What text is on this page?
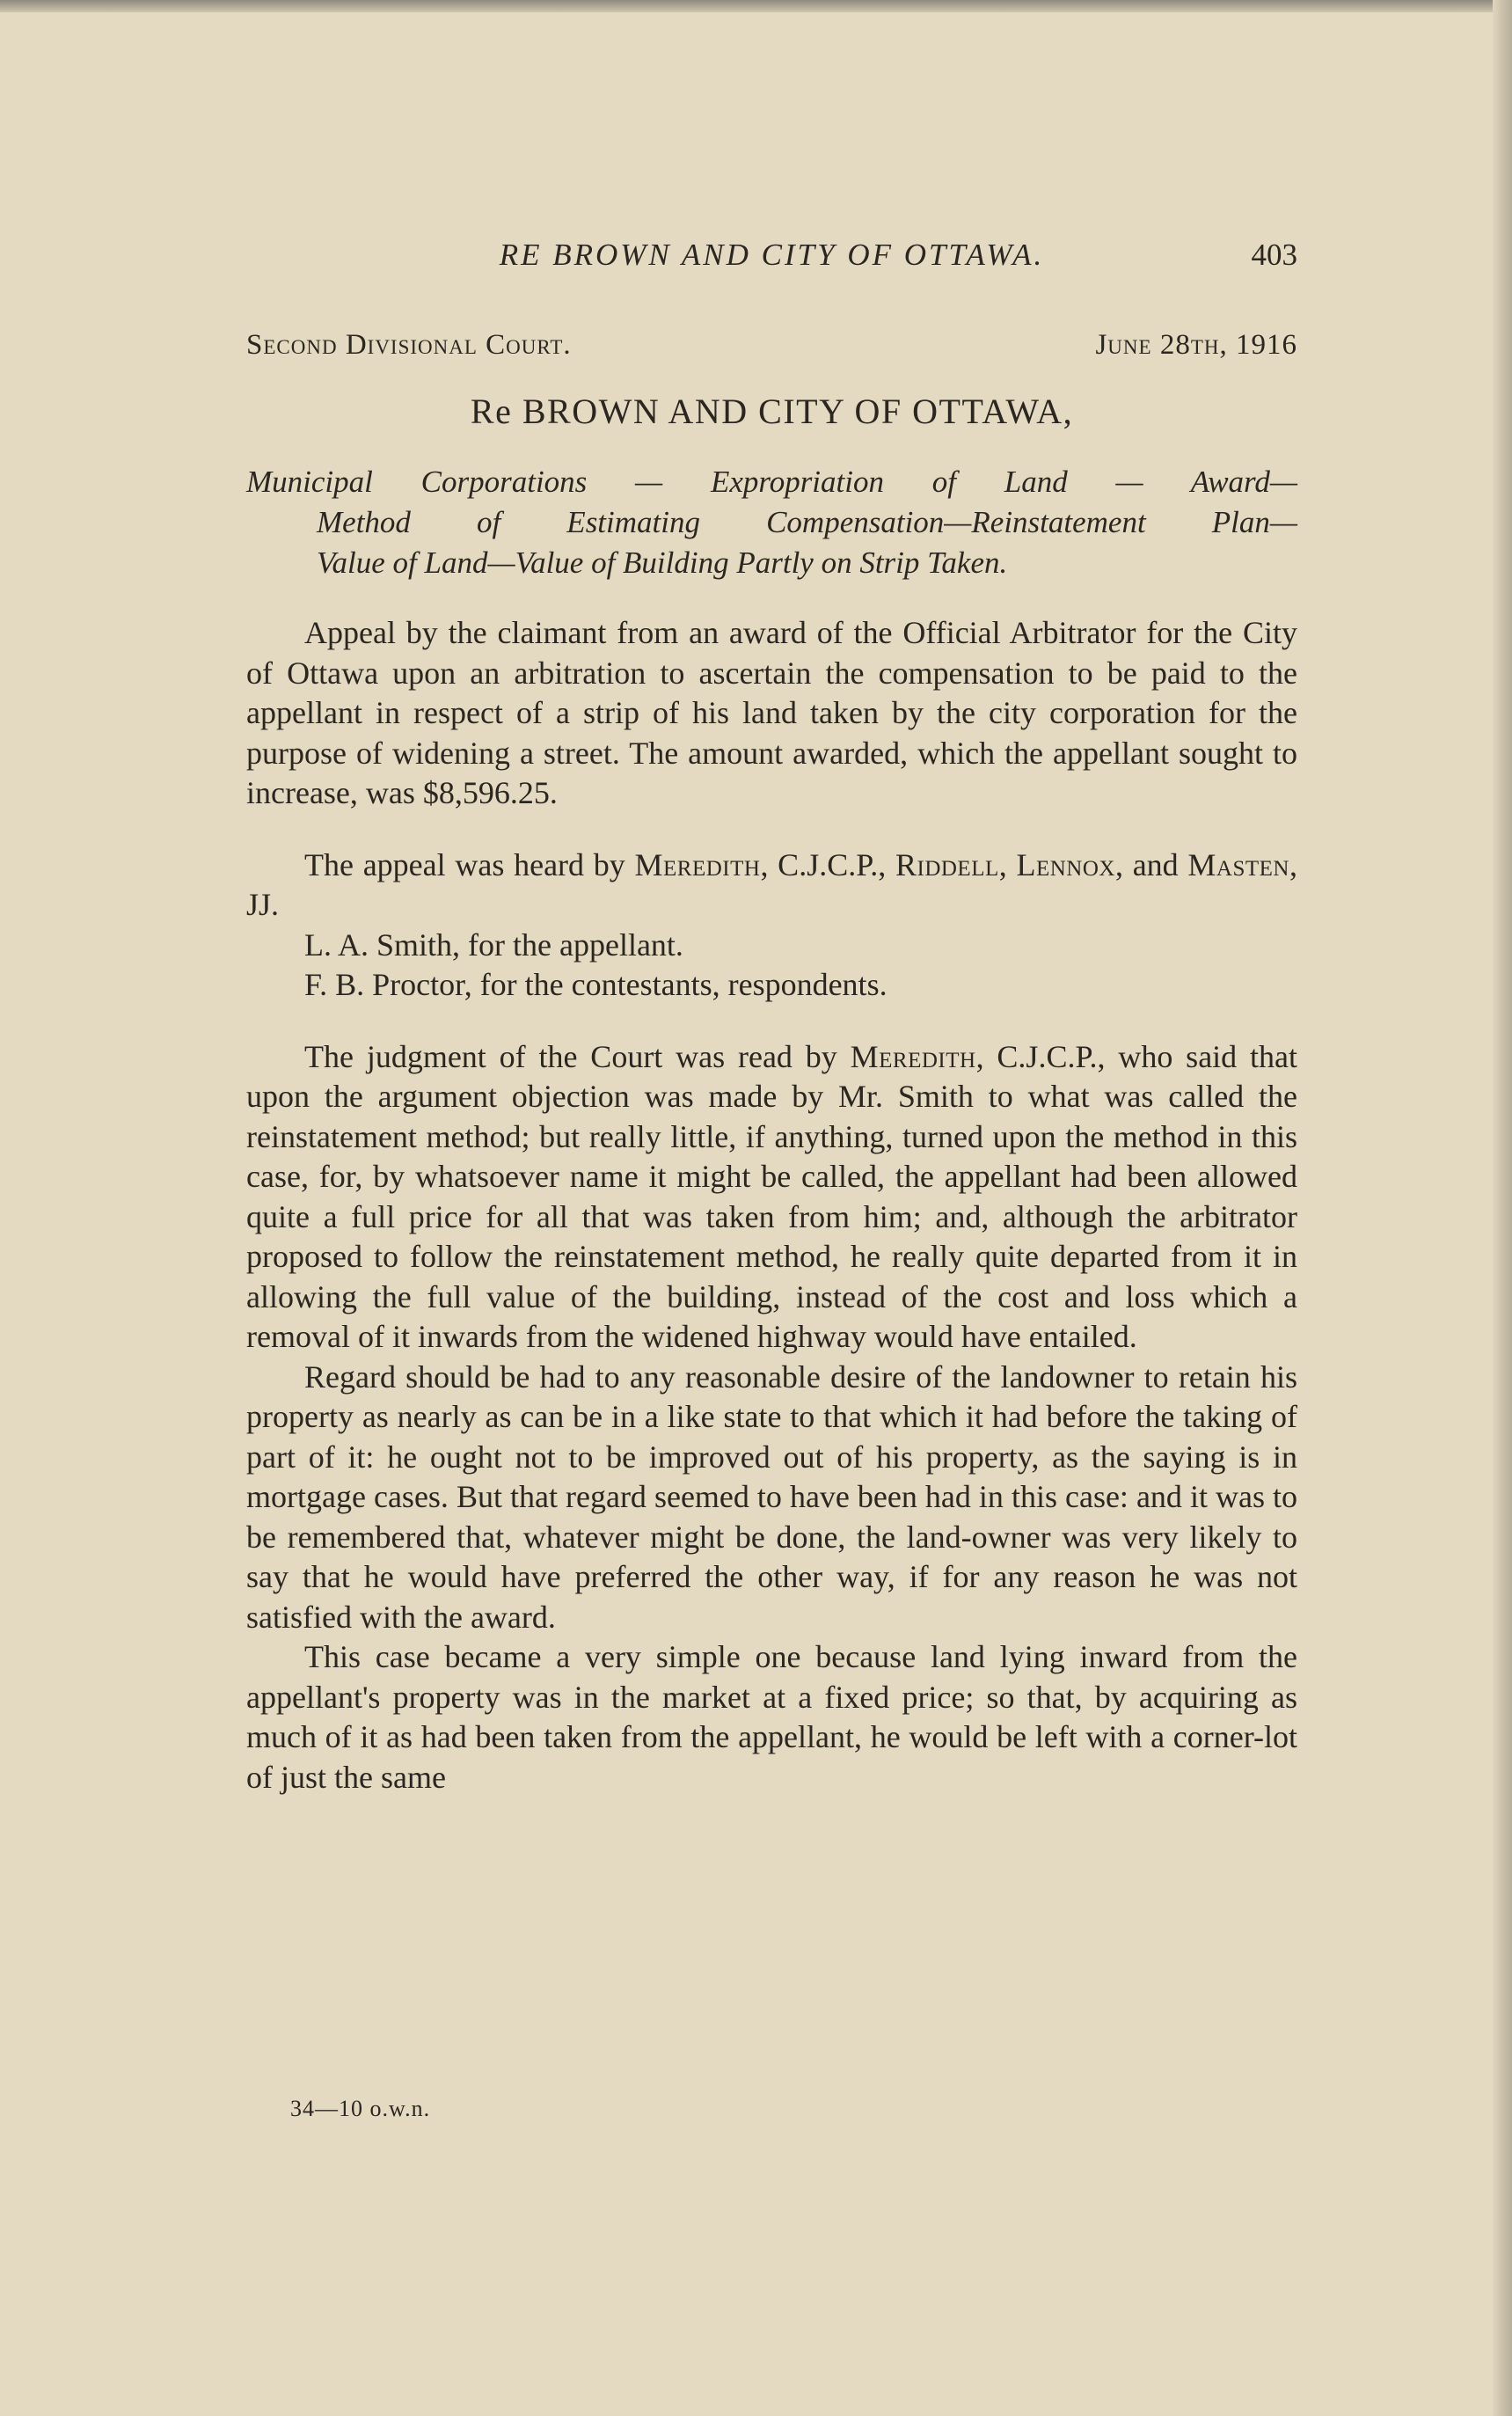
RE BROWN AND CITY OF OTTAWA.	403
Second Divisional Court.	June 28th, 1916
Re BROWN AND CITY OF OTTAWA,
Municipal Corporations — Expropriation of Land — Award—
Method of Estimating Compensation—Reinstatement Plan—
Value of Land—Value of Building Partly on Strip Taken.

Appeal by the claimant from an award of the Official Arbitrator for the City of Ottawa upon an arbitration to ascertain the compensation to be paid to the appellant in respect of a strip of his land taken by the city corporation for the purpose of widening a street. The amount awarded, which the appellant sought to increase, was $8,596.25.

The appeal was heard by Meredith, C.J.C.P., Riddell, Lennox, and Masten, JJ.

L. A. Smith, for the appellant.

F. B. Proctor, for the contestants, respondents.

The judgment of the Court was read by Meredith, C.J.C.P., who said that upon the argument objection was made by Mr. Smith to what was called the reinstatement method; but really little, if anything, turned upon the method in this case, for, by whatsoever name it might be called, the appellant had been allowed quite a full price for all that was taken from him; and, although the arbitrator proposed to follow the reinstatement method, he really quite departed from it in allowing the full value of the building, instead of the cost and loss which a removal of it inwards from the widened highway would have entailed.

Regard should be had to any reasonable desire of the landowner to retain his property as nearly as can be in a like state to that which it had before the taking of part of it: he ought not to be improved out of his property, as the saying is in mortgage cases. But that regard seemed to have been had in this case: and it was to be remembered that, whatever might be done, the land-owner was very likely to say that he would have preferred the other way, if for any reason he was not satisfied with the award.

This case became a very simple one because land lying inward from the appellant's property was in the market at a fixed price; so that, by acquiring as much of it as had been taken from the appellant, he would be left with a corner-lot of just the same

34—10 o.w.n.
